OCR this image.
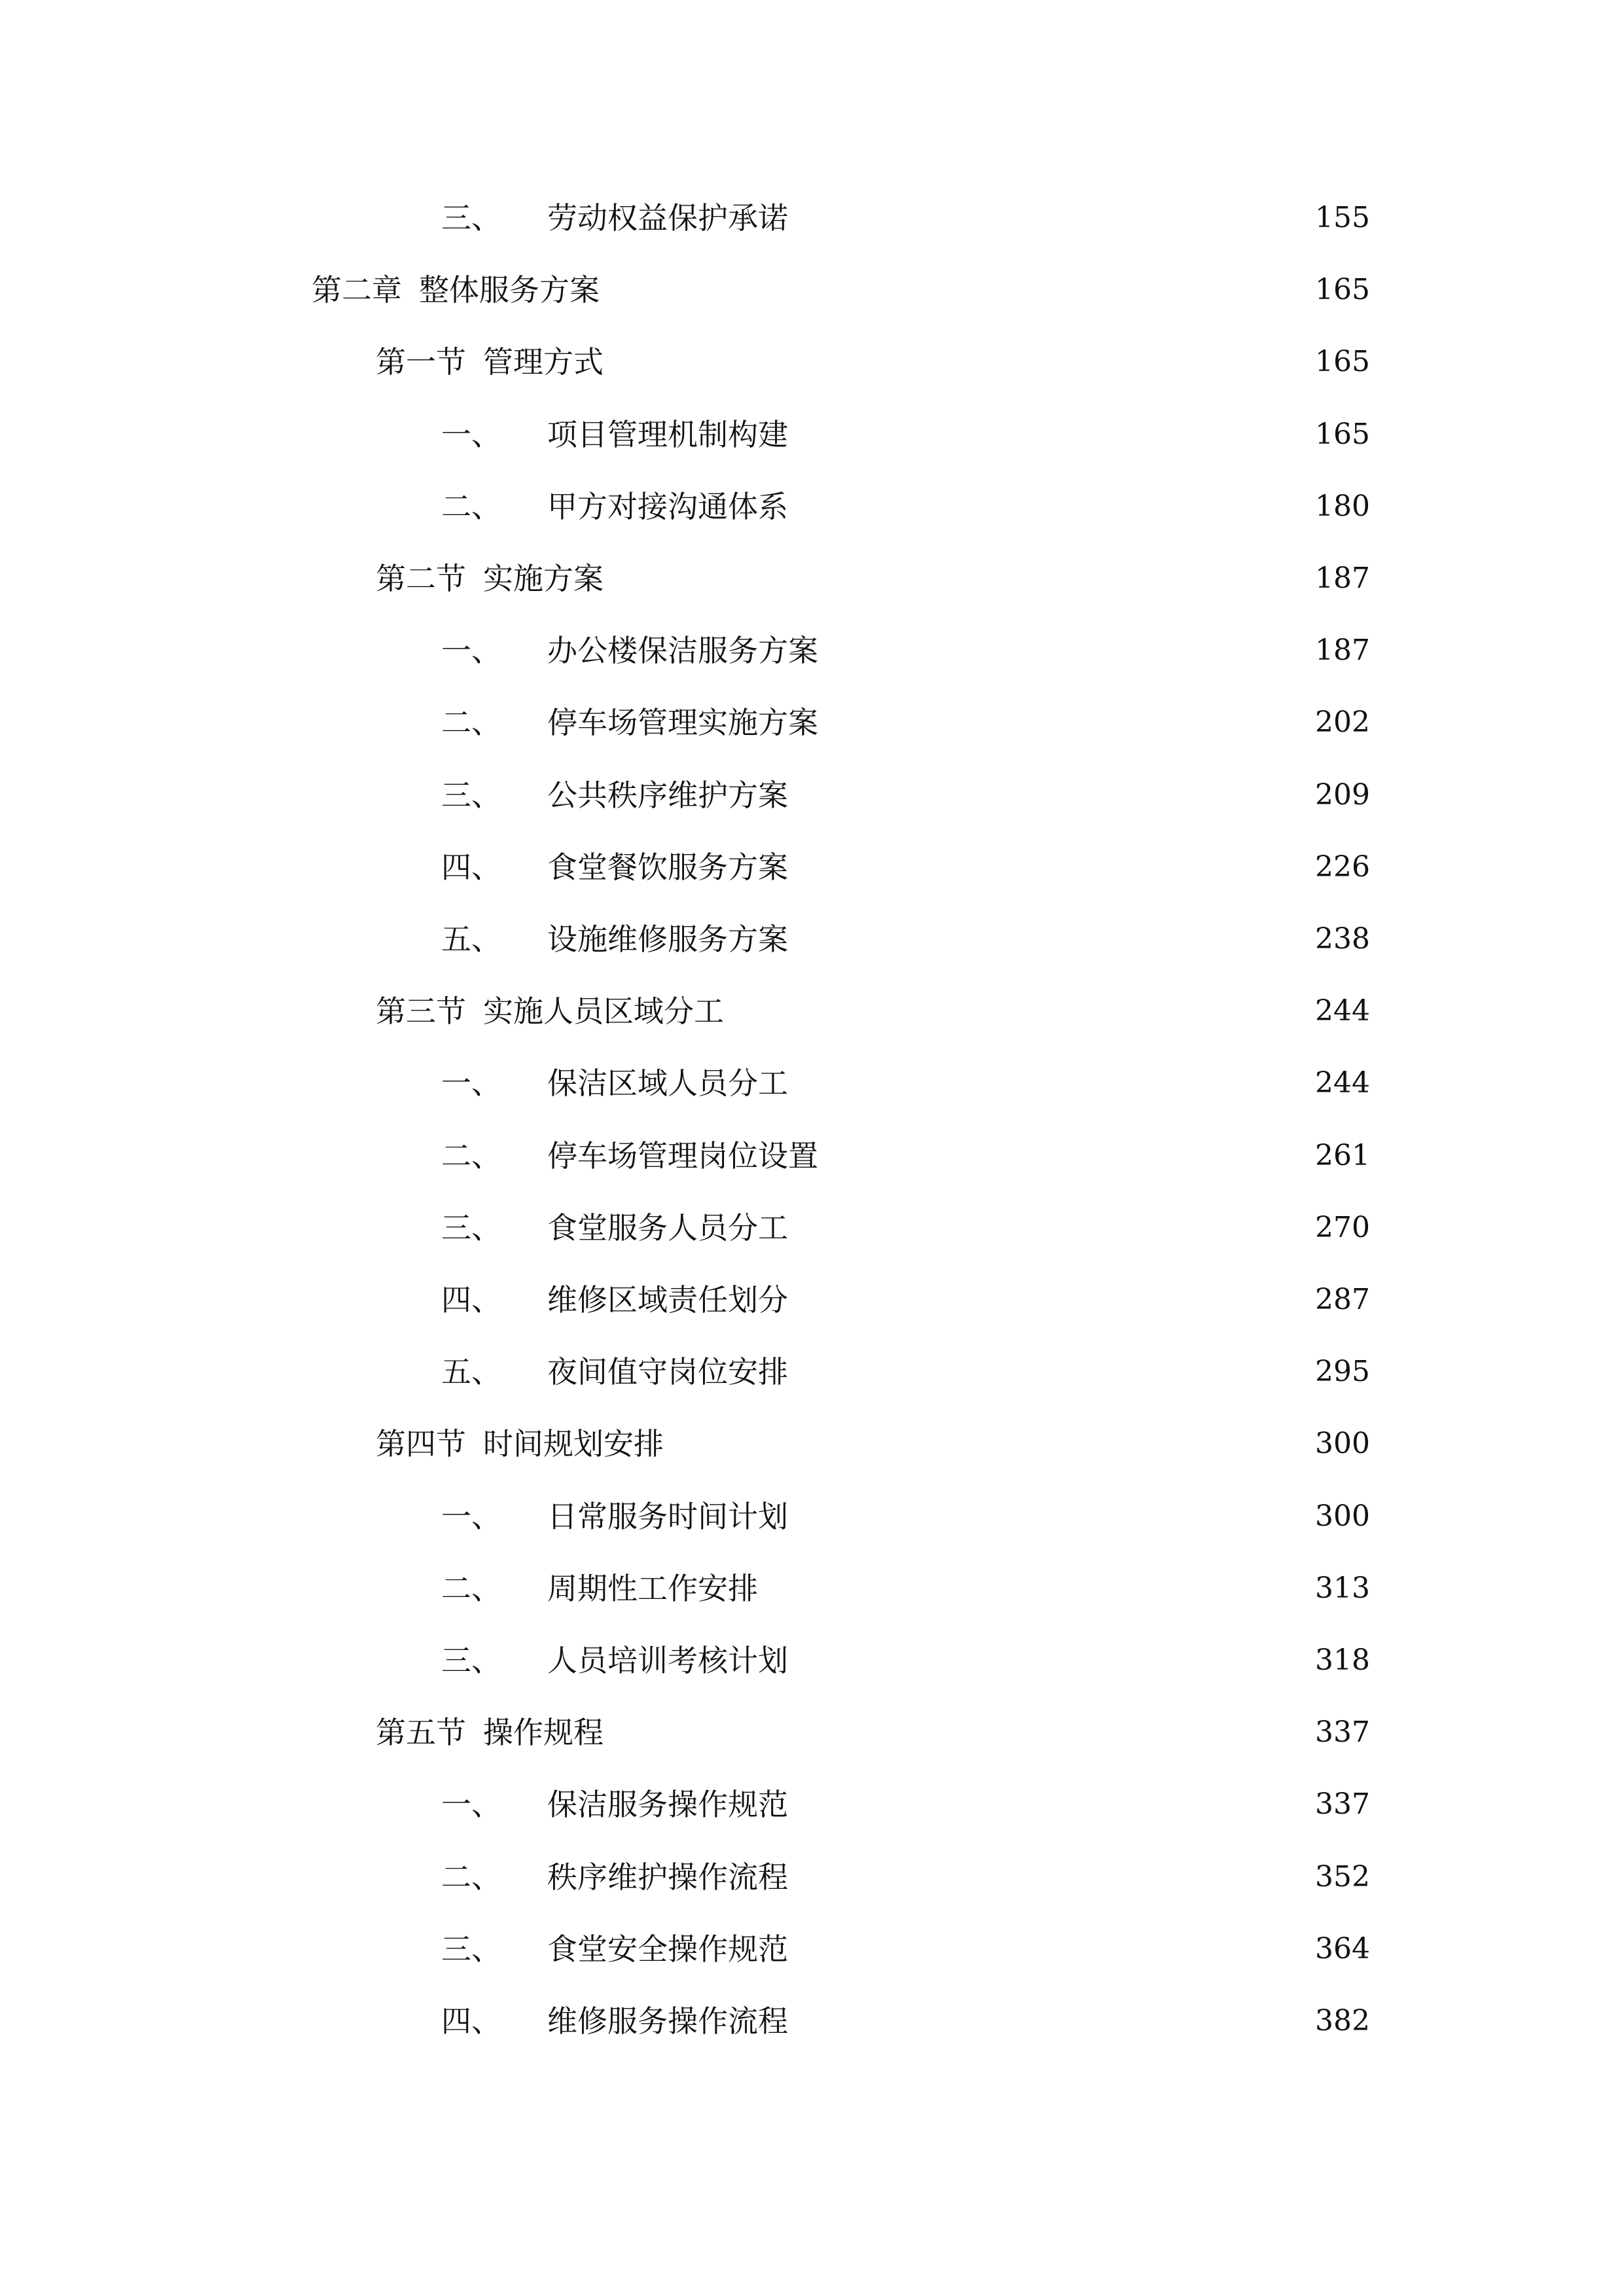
三、 劳动权益保护承诺	155
第二章 整体服务方案	165
第一节 管理方式	165
一、 项目管理机制构建	165
二、 甲方对接沟通体系	180
第二节 实施方案	187
一、 办公楼保洁服务方案	187
二、 停车场管理实施方案	202
三、 公共秩序维护方案	209
四、 食堂餐饮服务方案	226
五、 设施维修服务方案	238
第三节 实施人员区域分工	244
一、 保洁区域人员分工	244
二、 停车场管理岗位设置	261
三、 食堂服务人员分工	270
四、 维修区域责任划分	287
五、 夜间值守岗位安排	295
第四节 时间规划安排	300
一、 日常服务时间计划	300
二、 周期性工作安排	313
三、 人员培训考核计划	318
第五节 操作规程	337
一、 保洁服务操作规范	337
二、 秩序维护操作流程	352
三、 食堂安全操作规范	364
四、 维修服务操作流程	382
